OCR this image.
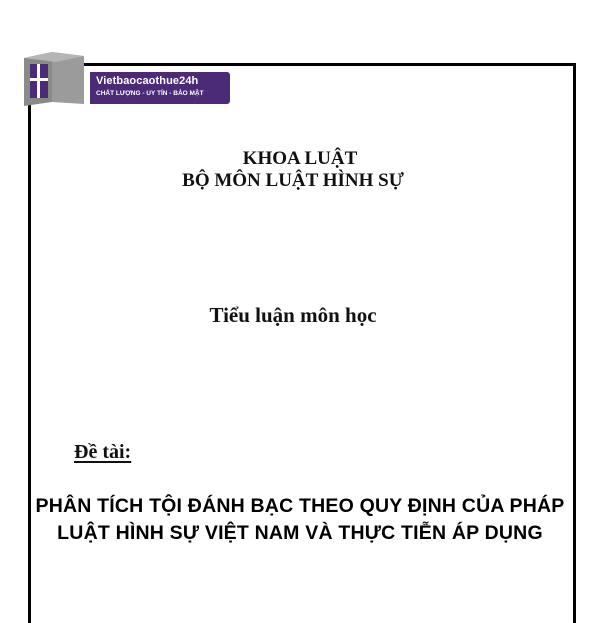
Vietbaocaothue24h
CHẤT LƯỢNG - UY TÍN - BẢO MẬT
KHOA LUẬT
BỘ MÔN LUẬT HÌNH SỰ
Tiểu luận môn học
Đề tài:
PHÂN TÍCH TỘI ĐÁNH BẠC THEO QUY ĐỊNH CỦA PHÁP
LUẬT HÌNH SỰ VIỆT NAM VÀ THỰC TIỄN ÁP DỤNG
